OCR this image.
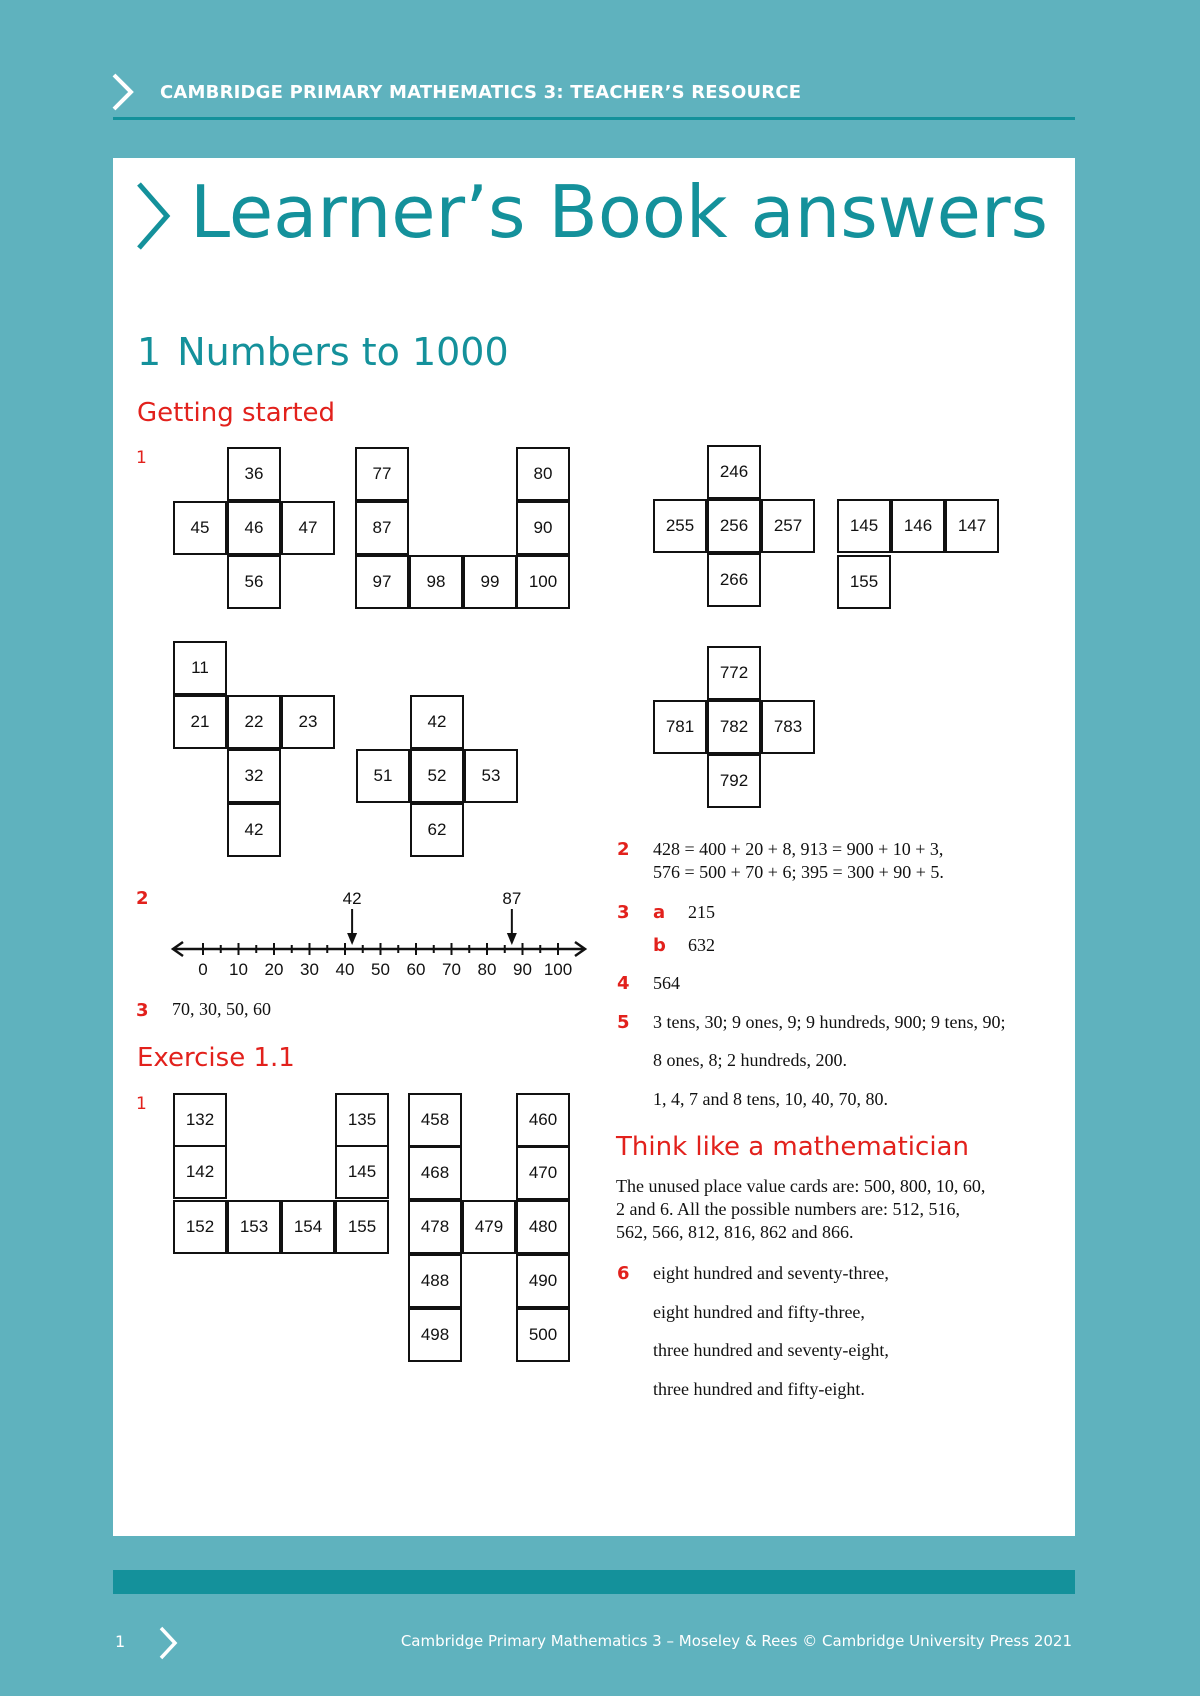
CAMBRIDGE PRIMARY MATHEMATICS 3: TEACHER’S RESOURCE
Learner’s Book answers
1 Numbers to 1000
Getting started
1
36
45	46	47
56
77	80
87	90
97	98	99	100
246
255	256	257
266
145	146	147
155
11
21	22	23
32
42
42
51	52	53
62
772
781	782	783
792
2
0 10 20 30 40 50 60 70 80 90 100
42	87
3 70, 30, 50, 60
Exercise 1.1
1
132	135
142	145
152	153	154	155
458	460
468	470
478	479	480
488	490
498	500
2 428 = 400 + 20 + 8, 913 = 900 + 10 + 3,
576 = 500 + 70 + 6; 395 = 300 + 90 + 5.
3 a 215
b 632
4 564
5 3 tens, 30; 9 ones, 9; 9 hundreds, 900; 9 tens, 90;
8 ones, 8; 2 hundreds, 200.
1, 4, 7 and 8 tens, 10, 40, 70, 80.
Think like a mathematician
The unused place value cards are: 500, 800, 10, 60,
2 and 6. All the possible numbers are: 512, 516,
562, 566, 812, 816, 862 and 866.
6 eight hundred and seventy-three,
eight hundred and fifty-three,
three hundred and seventy-eight,
three hundred and fifty-eight.
1	Cambridge Primary Mathematics 3 – Moseley & Rees © Cambridge University Press 2021
